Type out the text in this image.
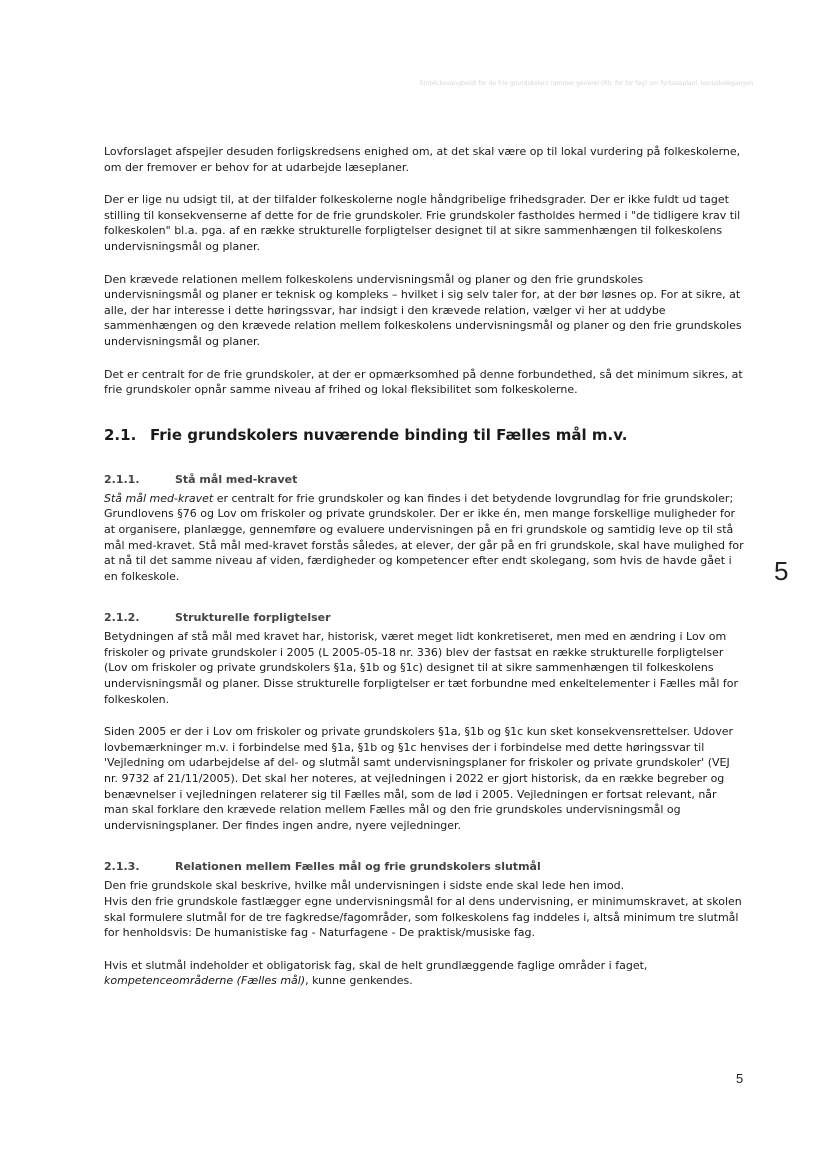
Einblicksvangbeldt for de frie grundskolers rammer generel (Rh. for for fag) om fyrkasaplanl. konuskolegangen

Lovforslaget afspejler desuden forligskredsens enighed om, at det skal være op til lokal vurdering på folkeskolerne, om der fremover er behov for at udarbejde læseplaner.

Der er lige nu udsigt til, at der tilfalder folkeskolerne nogle håndgribelige frihedsgrader. Der er ikke fuldt ud taget stilling til konsekvenserne af dette for de frie grundskoler. Frie grundskoler fastholdes hermed i "de tidligere krav til folkeskolen" bl.a. pga. af en række strukturelle forpligtelser designet til at sikre sammenhængen til folkeskolens undervisningsmål og planer.

Den krævede relationen mellem folkeskolens undervisningsmål og planer og den frie grundskoles undervisningsmål og planer er teknisk og kompleks – hvilket i sig selv taler for, at der bør løsnes op. For at sikre, at alle, der har interesse i dette høringssvar, har indsigt i den krævede relation, vælger vi her at uddybe sammenhængen og den krævede relation mellem folkeskolens undervisningsmål og planer og den frie grundskoles undervisningsmål og planer.

Det er centralt for de frie grundskoler, at der er opmærksomhed på denne forbundethed, så det minimum sikres, at frie grundskoler opnår samme niveau af frihed og lokal fleksibilitet som folkeskolerne.

2.1. Frie grundskolers nuværende binding til Fælles mål m.v.
2.1.1.	Stå mål med-kravet

Stå mål med-kravet er centralt for frie grundskoler og kan findes i det betydende lovgrundlag for frie grundskoler; Grundlovens §76 og Lov om friskoler og private grundskoler. Der er ikke én, men mange forskellige muligheder for at organisere, planlægge, gennemføre og evaluere undervisningen på en fri grundskole og samtidig leve op til stå mål med-kravet. Stå mål med-kravet forstås således, at elever, der går på en fri grundskole, skal have mulighed for at nå til det samme niveau af viden, færdigheder og kompetencer efter endt skolegang, som hvis de havde gået i en folkeskole.

2.1.2.	Strukturelle forpligtelser

Betydningen af stå mål med kravet har, historisk, været meget lidt konkretiseret, men med en ændring i Lov om friskoler og private grundskoler i 2005 (L 2005-05-18 nr. 336) blev der fastsat en række strukturelle forpligtelser (Lov om friskoler og private grundskolers §1a, §1b og §1c) designet til at sikre sammenhængen til folkeskolens undervisningsmål og planer. Disse strukturelle forpligtelser er tæt forbundne med enkeltelementer i Fælles mål for folkeskolen.

Siden 2005 er der i Lov om friskoler og private grundskolers §1a, §1b og §1c kun sket konsekvensrettelser. Udover lovbemærkninger m.v. i forbindelse med §1a, §1b og §1c henvises der i forbindelse med dette høringssvar til 'Vejledning om udarbejdelse af del- og slutmål samt undervisningsplaner for friskoler og private grundskoler' (VEJ nr. 9732 af 21/11/2005). Det skal her noteres, at vejledningen i 2022 er gjort historisk, da en række begreber og benævnelser i vejledningen relaterer sig til Fælles mål, som de lød i 2005. Vejledningen er fortsat relevant, når man skal forklare den krævede relation mellem Fælles mål og den frie grundskoles undervisningsmål og undervisningsplaner. Der findes ingen andre, nyere vejledninger.

2.1.3.	Relationen mellem Fælles mål og frie grundskolers slutmål

Den frie grundskole skal beskrive, hvilke mål undervisningen i sidste ende skal lede hen imod.

Hvis den frie grundskole fastlægger egne undervisningsmål for al dens undervisning, er minimumskravet, at skolen skal formulere slutmål for de tre fagkredse/fagområder, som folkeskolens fag inddeles i, altså minimum tre slutmål for henholdsvis: De humanistiske fag - Naturfagene - De praktisk/musiske fag.

Hvis et slutmål indeholder et obligatorisk fag, skal de helt grundlæggende faglige områder i faget, kompetenceområderne (Fælles mål), kunne genkendes.

5
5
